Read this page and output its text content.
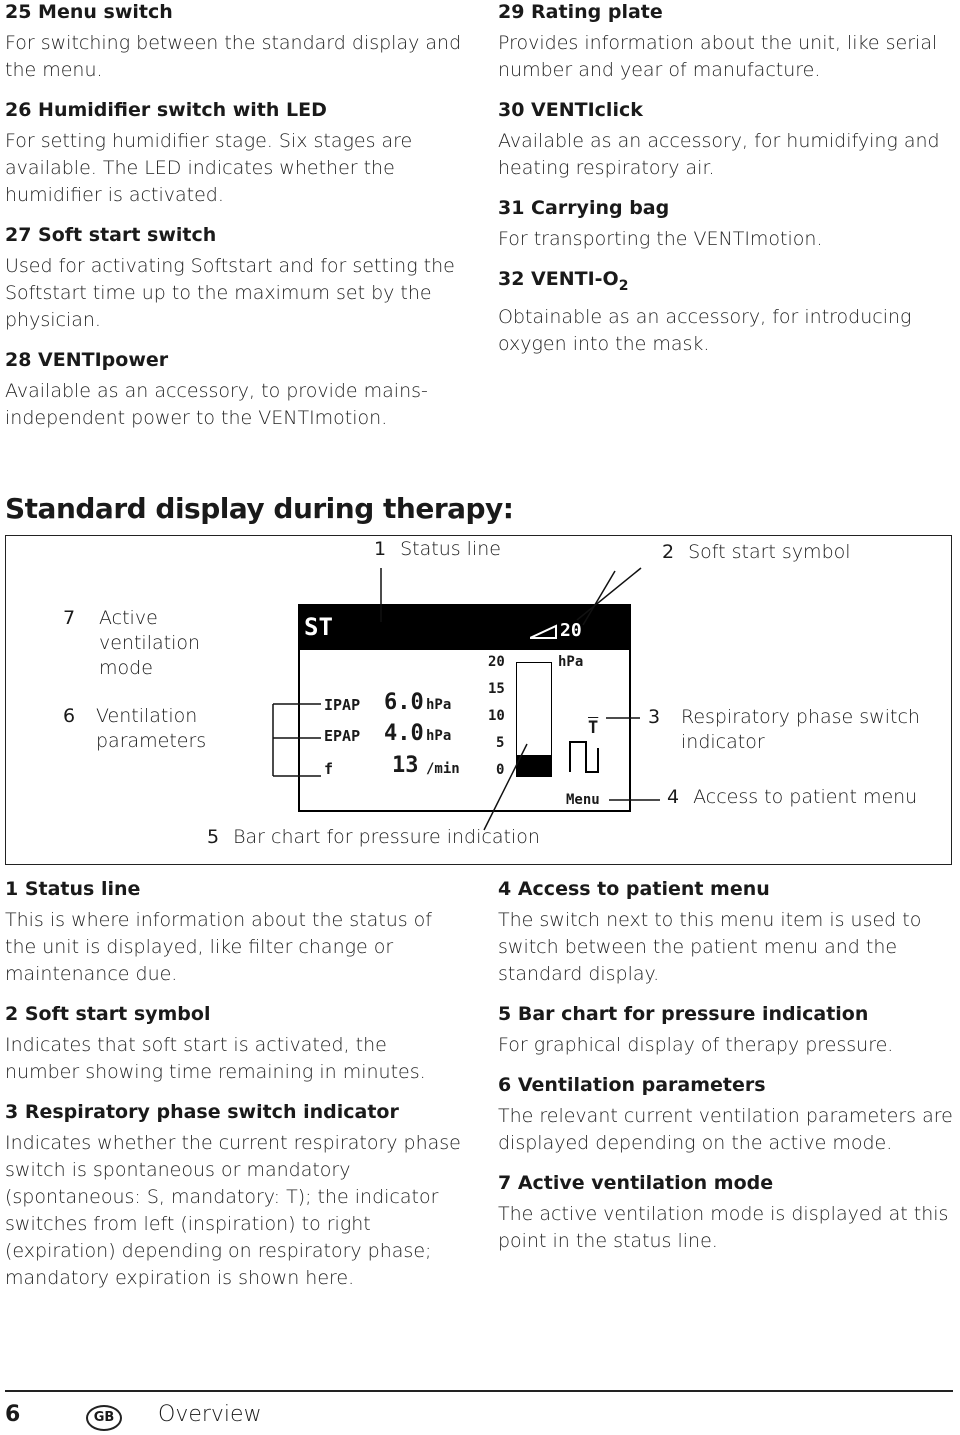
25 Menu switch

For switching between the standard display and the menu.

26 Humidifier switch with LED

For setting humidifier stage. Six stages are available. The LED indicates whether the humidifier is activated.

27 Soft start switch

Used for activating Softstart and for setting the Softstart time up to the maximum set by the physician.

28 VENTIpower

Available as an accessory, to provide mains-independent power to the VENTImotion.

29 Rating plate

Provides information about the unit, like serial number and year of manufacture.

30 VENTIclick

Available as an accessory, for humidifying and heating respiratory air.

31 Carrying bag

For transporting the VENTImotion.

32 VENTI-$O_2$

Obtainable as an accessory, for introducing oxygen into the mask.

Standard display during therapy:
1 Status line	2 Soft start symbol
7 Active ventilation mode
6 Ventilation parameters
3 Respiratory phase switch indicator
4 Access to patient menu
5 Bar chart for pressure indication
ST	20
IPAP 6.0 hPa
EPAP 4.0 hPa
f	13 /min
20
15
10
5
0
hPa
$\overline{T}$
Menu

1 Status line

This is where information about the status of the unit is displayed, like filter change or maintenance due.

2 Soft start symbol

Indicates that soft start is activated, the number showing time remaining in minutes.

3 Respiratory phase switch indicator

Indicates whether the current respiratory phase switch is spontaneous or mandatory (spontaneous: S, mandatory: T); the indicator switches from left (inspiration) to right (expiration) depending on respiratory phase; mandatory expiration is shown here.

4 Access to patient menu

The switch next to this menu item is used to switch between the patient menu and the standard display.

5 Bar chart for pressure indication

For graphical display of therapy pressure.

6 Ventilation parameters

The relevant current ventilation parameters are displayed depending on the active mode.

7 Active ventilation mode

The active ventilation mode is displayed at this point in the status line.

6	GB	Overview
